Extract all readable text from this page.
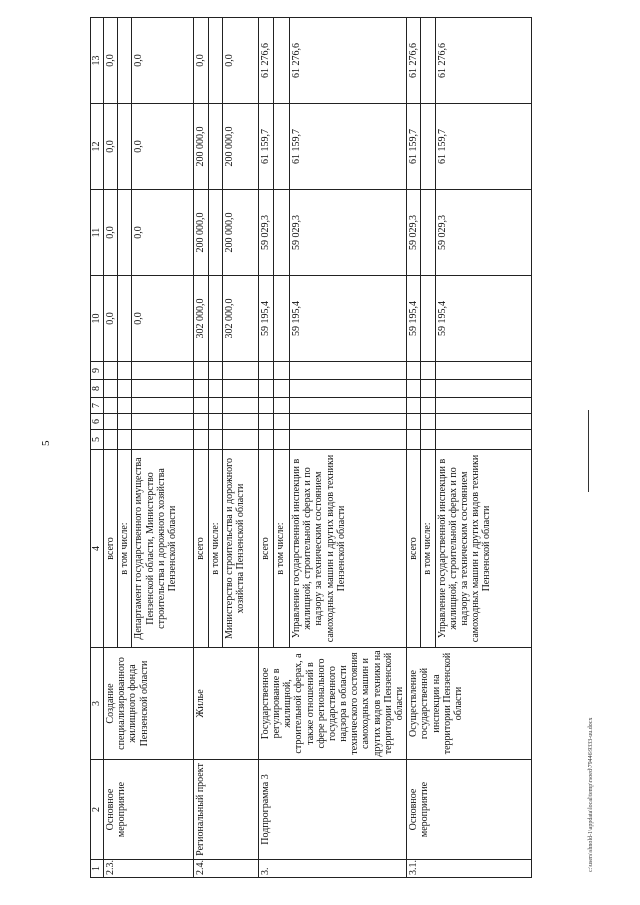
5
1	2	3	4	5	6	7	8	9	10	11	12	13
2.3.	Основное мероприятие	Создание специализированного жилищного фонда Пензенской области	всего						0,0	0,0	0,0	0,0
			в том числе:									
			Департамент государственного имущества Пензенской области, Министерство строительства и дорожного хозяйства Пензенской области						0,0	0,0	0,0	0,0
2.4.	Региональный проект	Жилье	всего						302 000,0	200 000,0	200 000,0	0,0
			в том числе:									
			Министерство строительства и дорожного хозяйства Пензенской области						302 000,0	200 000,0	200 000,0	0,0
3.	Подпрограмма 3	Государственное регулирование в жилищной, строительной сферах, а также отношений в сфере регионального государственного надзора в области технического состояния самоходных машин и других видов техники на территории Пензенской области	всего						59 195,4	59 029,3	61 159,7	61 276,6
			в том числе:									
			Управление государственной инспекции в жилищной, строительной сферах и по надзору за техническим состоянием самоходных машин и других видов техники Пензенской области						59 195,4	59 029,3	61 159,7	61 276,6
3.1.	Основное мероприятие	Осуществление государственной инспекции на территории Пензенской области	всего						59 195,4	59 029,3	61 159,7	61 276,6
			в том числе:									
			Управление государственной инспекции в жилищной, строительной сферах и по надзору за техническим состоянием самоходных машин и других видов техники Пензенской области						59 195,4	59 029,3	61 159,7	61 276,6
c:\users\shnold-1\appdata\local\temp\rsoed\79446\9333-uu.docx
